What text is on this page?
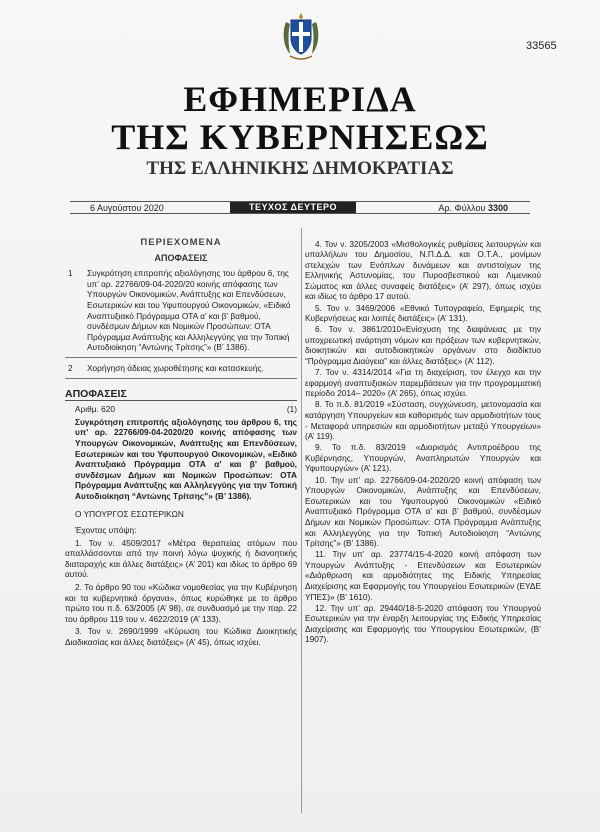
33565
ΕΦΗΜΕΡΙΔΑ
ΤΗΣ ΚΥΒΕΡΝΗΣΕΩΣ
ΤΗΣ ΕΛΛΗΝΙΚΗΣ ΔΗΜΟΚΡΑΤΙΑΣ
6 Αυγούστου 2020	ΤΕΥΧΟΣ ΔΕΥΤΕΡΟ	Αρ. Φύλλου 3300
ΠΕΡΙΕΧΟΜΕΝΑ
ΑΠΟΦΑΣΕΙΣ
1	Συγκρότηση επιτροπής αξιολόγησης του άρθρου 6, της υπ’ αρ. 22766/09-04-2020/20 κοινής απόφασης των Υπουργών Οικονομικών, Ανάπτυξης και Επενδύσεων, Εσωτερικών και του Υφυπουργού Οικονομικών, «Ειδικό Αναπτυξιακό Πρόγραμμα ΟΤΑ α’ και β’ βαθμού, συνδέσμων Δήμων και Νομικών Προσώπων: ΟΤΑ Πρόγραμμα Ανάπτυξης και Αλληλεγγύης για την Τοπική Αυτοδιοίκηση “Αντώνης Τρίτσης”» (Β’ 1386).
2	Χορήγηση άδειας χωροθέτησης και κατασκευής.
ΑΠΟΦΑΣΕΙΣ
Αριθμ. 620	(1)
Συγκρότηση επιτροπής αξιολόγησης του άρθρου 6, της υπ’ αρ. 22766/09-04-2020/20 κοινής απόφασης των Υπουργών Οικονομικών, Ανάπτυξης και Επενδύσεων, Εσωτερικών και του Υφυπουργού Οικονομικών, «Ειδικό Αναπτυξιακό Πρόγραμμα ΟΤΑ α’ και β’ βαθμού, συνδέσμων Δήμων και Νομικών Προσώπων: ΟΤΑ Πρόγραμμα Ανάπτυξης και Αλληλεγγύης για την Τοπική Αυτοδιοίκηση “Αντώνης Τρίτσης”» (Β’ 1386).
Ο ΥΠΟΥΡΓΟΣ ΕΣΩΤΕΡΙΚΩΝ
Έχοντας υπόψη:
1. Τον ν. 4509/2017 «Μέτρα θεραπείας ατόμων που απαλλάσσονται από την ποινή λόγω ψυχικής ή διανοητικής διαταραχής και άλλες διατάξεις» (Α’ 201) και ιδίως το άρθρο 69 αυτού.
2. Το άρθρο 90 του «Κώδικα νομοθεσίας για την Κυβέρνηση και τα κυβερνητικά όργανα», όπως κυρώθηκε με το άρθρο πρώτο του π.δ. 63/2005 (Α’ 98), σε συνδυασμό με την παρ. 22 του άρθρου 119 του ν. 4622/2019 (Α’ 133).
3. Τον ν. 2690/1999 «Κύρωση του Κώδικα Διοικητικής Διαδικασίας και άλλες διατάξεις» (Α’ 45), όπως ισχύει.
4. Τον ν. 3205/2003 «Μισθολογικές ρυθμίσεις λειτουργών και υπαλλήλων του Δημοσίου, Ν.Π.Δ.Δ. και Ο.Τ.Α., μονίμων στελεχών των Ενόπλων δυνάμεων και αντιστοίχων της Ελληνικής Αστυνομίας, του Πυροσβεστικού και Λιμενικού Σώματος και άλλες συναφείς διατάξεις» (Α’ 297), όπως ισχύει και ιδίως το άρθρο 17 αυτού.
5. Τον ν. 3469/2006 «Εθνικό Τυπογραφείο, Εφημερίς της Κυβερνήσεως και λοιπές διατάξεις» (Α’ 131).
6. Τον ν. 3861/2010«Ενίσχυση της διαφάνειας με την υποχρεωτική ανάρτηση νόμων και πράξεων των κυβερνητικών, διοικητικών και αυτοδιοικητικών οργάνων στο διαδίκτυο “Πρόγραμμα Διαύγεια” και άλλες διατάξεις» (Α’ 112).
7. Τον ν. 4314/2014 «Για τη διαχείριση, τον έλεγχο και την εφαρμογή αναπτυξιακών παρεμβάσεων για την προγραμματική περίοδο 2014– 2020» (Α’ 265), όπως ισχύει.
8. Το π.δ. 81/2019 «Σύσταση, συγχώνευση, μετονομασία και κατάργηση Υπουργείων και καθορισμός των αρμοδιοτήτων τους - Μεταφορά υπηρεσιών και αρμοδιοτήτων μεταξύ Υπουργείων» (Α’ 119).
9. Το π.δ. 83/2019 «Διορισμός Αντιπροέδρου της Κυβέρνησης, Υπουργών, Αναπληρωτών Υπουργών και Υφυπουργών» (Α’ 121).
10. Την υπ’ αρ. 22766/09-04-2020/20 κοινή απόφαση των Υπουργών Οικονομικών, Ανάπτυξης και Επενδύσεων, Εσωτερικών και του Υφυπουργού Οικονομικών «Ειδικό Αναπτυξιακό Πρόγραμμα ΟΤΑ α’ και β’ βαθμού, συνδέσμων Δήμων και Νομικών Προσώπων: ΟΤΑ Πρόγραμμα Ανάπτυξης και Αλληλεγγύης για την Τοπική Αυτοδιοίκηση “Αντώνης Τρίτσης”» (Β’ 1386).
11. Την υπ’ αρ. 23774/15-4-2020 κοινή απόφαση των Υπουργών Ανάπτυξης - Επενδύσεων και Εσωτερικών «Διάρθρωση και αρμοδιότητες της Ειδικής Υπηρεσίας Διαχείρισης και Εφαρμογής του Υπουργείου Εσωτερικών (ΕΥΔΕ ΥΠΕΣ)» (Β’ 1610).
12. Την υπ’ αρ. 29440/18-5-2020 απόφαση του Υπουργού Εσωτερικών για την έναρξη λειτουργίας της Ειδικής Υπηρεσίας Διαχείρισης και Εφαρμογής του Υπουργείου Εσωτερικών, (Β’ 1907).
